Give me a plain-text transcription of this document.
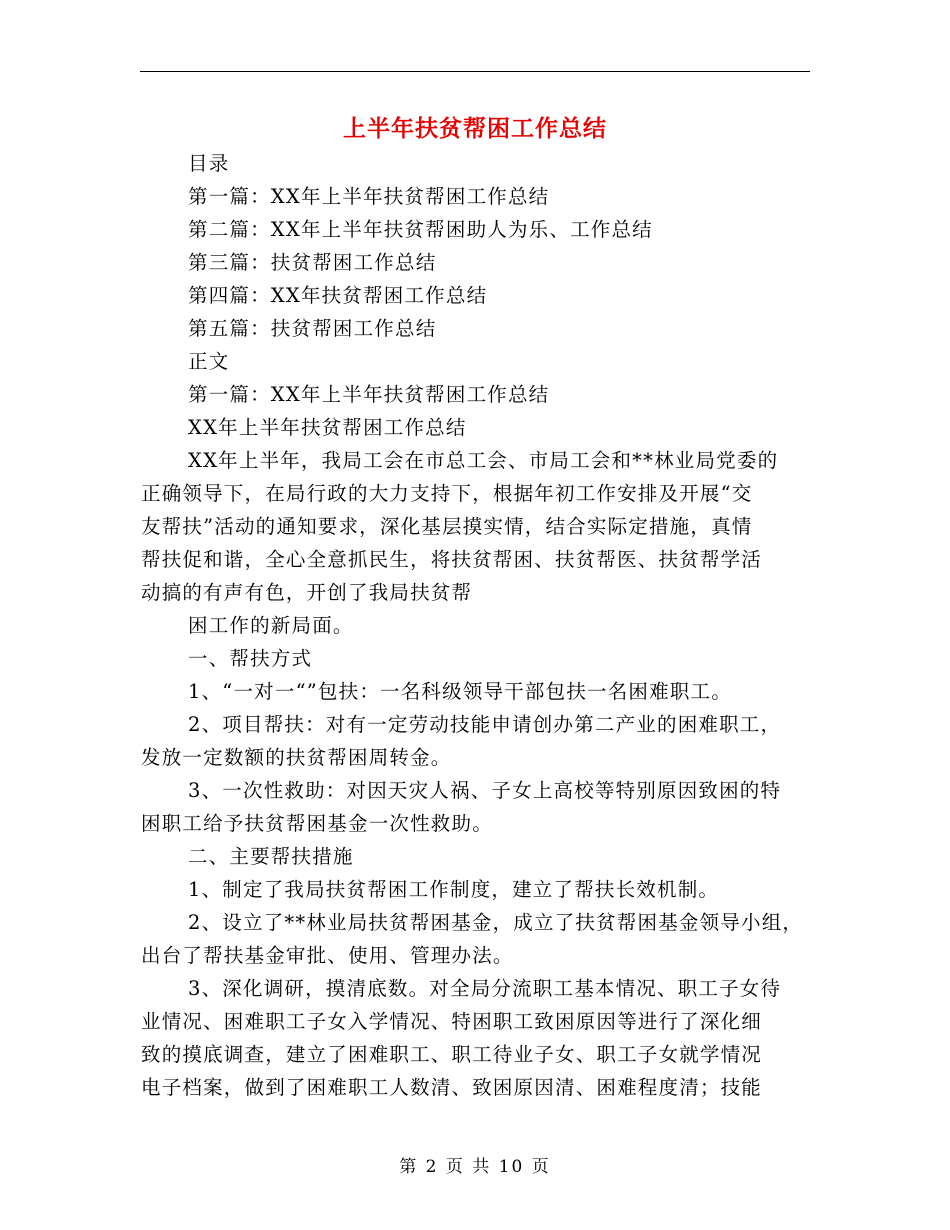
上半年扶贫帮困工作总结
目录
第一篇：XX年上半年扶贫帮困工作总结
第二篇：XX年上半年扶贫帮困助人为乐、工作总结
第三篇：扶贫帮困工作总结
第四篇：XX年扶贫帮困工作总结
第五篇：扶贫帮困工作总结
正文
第一篇：XX年上半年扶贫帮困工作总结
XX年上半年扶贫帮困工作总结
XX年上半年，我局工会在市总工会、市局工会和**林业局党委的
正确领导下，在局行政的大力支持下，根据年初工作安排及开展“交
友帮扶”活动的通知要求，深化基层摸实情，结合实际定措施，真情
帮扶促和谐，全心全意抓民生，将扶贫帮困、扶贫帮医、扶贫帮学活
动搞的有声有色，开创了我局扶贫帮
困工作的新局面。
一、帮扶方式
1、“一对一“”包扶：一名科级领导干部包扶一名困难职工。
2、项目帮扶：对有一定劳动技能申请创办第二产业的困难职工，
发放一定数额的扶贫帮困周转金。
3、一次性救助：对因天灾人祸、子女上高校等特别原因致困的特
困职工给予扶贫帮困基金一次性救助。
二、主要帮扶措施
1、制定了我局扶贫帮困工作制度，建立了帮扶长效机制。
2、设立了**林业局扶贫帮困基金，成立了扶贫帮困基金领导小组，
出台了帮扶基金审批、使用、管理办法。
3、深化调研，摸清底数。对全局分流职工基本情况、职工子女待
业情况、困难职工子女入学情况、特困职工致困原因等进行了深化细
致的摸底调查，建立了困难职工、职工待业子女、职工子女就学情况
电子档案，做到了困难职工人数清、致困原因清、困难程度清；技能
第 2 页 共 10 页
